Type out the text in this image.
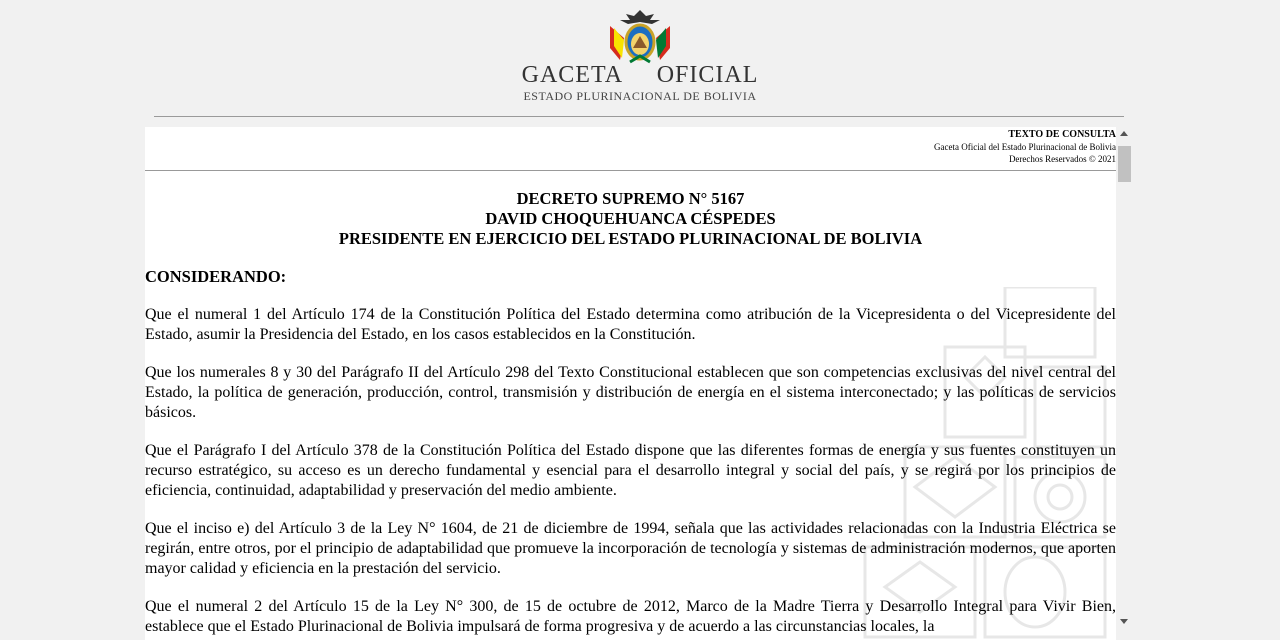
GACETA     OFICIAL
ESTADO PLURINACIONAL DE BOLIVIA
TEXTO DE CONSULTA
Gaceta Oficial del Estado Plurinacional de Bolivia
Derechos Reservados © 2021
DECRETO SUPREMO N° 5167
DAVID CHOQUEHUANCA CÉSPEDES
PRESIDENTE EN EJERCICIO DEL ESTADO PLURINACIONAL DE BOLIVIA
CONSIDERANDO:

Que el numeral 1 del Artículo 174 de la Constitución Política del Estado determina como atribución de la Vicepresidenta o del Vicepresidente del Estado, asumir la Presidencia del Estado, en los casos establecidos en la Constitución.

Que los numerales 8 y 30 del Parágrafo II del Artículo 298 del Texto Constitucional establecen que son competencias exclusivas del nivel central del Estado, la política de generación, producción, control, transmisión y distribución de energía en el sistema interconectado; y las políticas de servicios básicos.

Que el Parágrafo I del Artículo 378 de la Constitución Política del Estado dispone que las diferentes formas de energía y sus fuentes constituyen un recurso estratégico, su acceso es un derecho fundamental y esencial para el desarrollo integral y social del país, y se regirá por los principios de eficiencia, continuidad, adaptabilidad y preservación del medio ambiente.

Que el inciso e) del Artículo 3 de la Ley N° 1604, de 21 de diciembre de 1994, señala que las actividades relacionadas con la Industria Eléctrica se regirán, entre otros, por el principio de adaptabilidad que promueve la incorporación de tecnología y sistemas de administración modernos, que aporten mayor calidad y eficiencia en la prestación del servicio.

Que el numeral 2 del Artículo 15 de la Ley N° 300, de 15 de octubre de 2012, Marco de la Madre Tierra y Desarrollo Integral para Vivir Bien, establece que el Estado Plurinacional de Bolivia impulsará de forma progresiva y de acuerdo a las circunstancias locales, la
